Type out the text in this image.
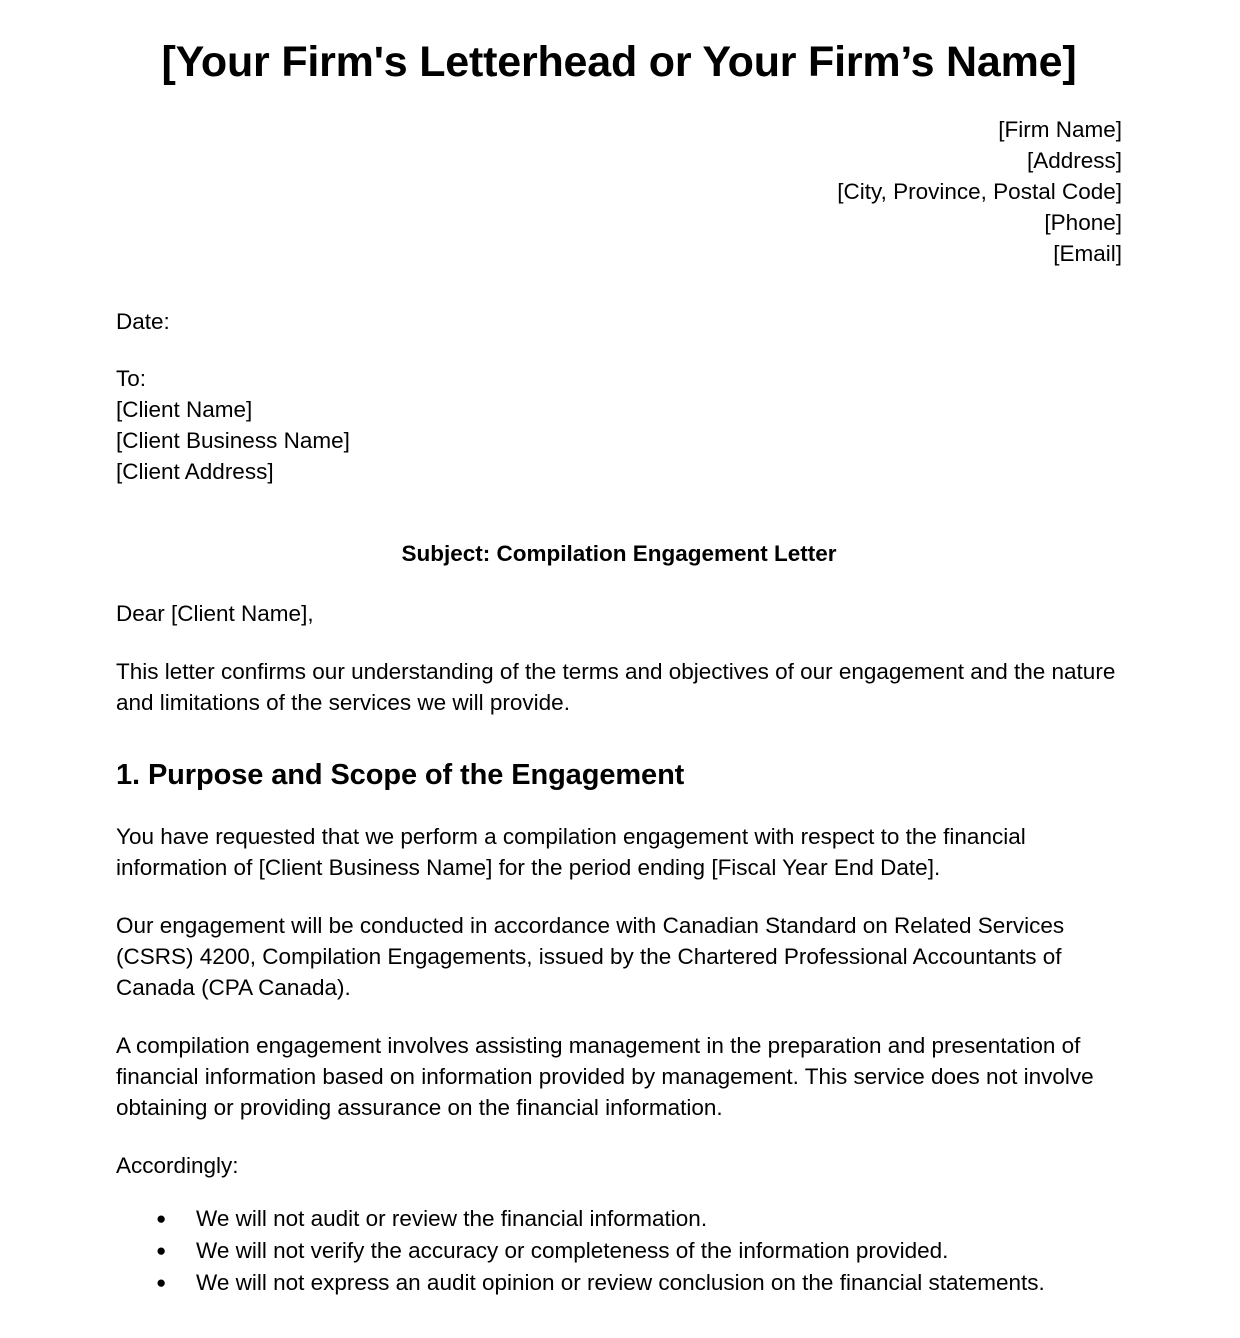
[Your Firm's Letterhead or Your Firm’s Name]
[Firm Name]
[Address]
[City, Province, Postal Code]
[Phone]
[Email]
Date:
To:
[Client Name]
[Client Business Name]
[Client Address]
Subject: Compilation Engagement Letter

Dear [Client Name],

This letter confirms our understanding of the terms and objectives of our engagement and the nature and limitations of the services we will provide.

1. Purpose and Scope of the Engagement

You have requested that we perform a compilation engagement with respect to the financial information of [Client Business Name] for the period ending [Fiscal Year End Date].

Our engagement will be conducted in accordance with Canadian Standard on Related Services (CSRS) 4200, Compilation Engagements, issued by the Chartered Professional Accountants of Canada (CPA Canada).

A compilation engagement involves assisting management in the preparation and presentation of financial information based on information provided by management. This service does not involve obtaining or providing assurance on the financial information.

Accordingly:

● We will not audit or review the financial information.
● We will not verify the accuracy or completeness of the information provided.
● We will not express an audit opinion or review conclusion on the financial statements.
